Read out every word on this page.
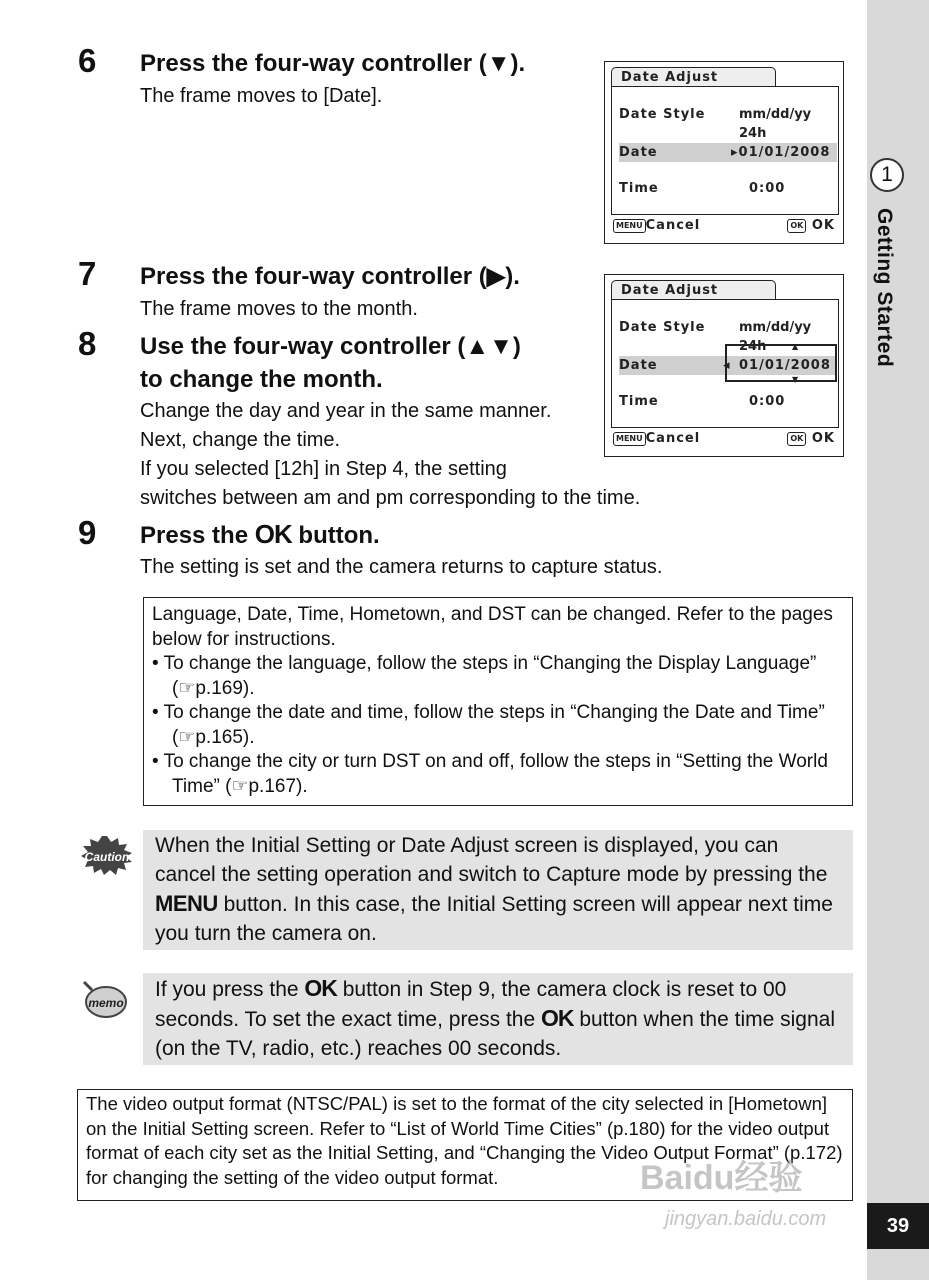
1
Getting Started
39
6 Press the four-way controller (▼).
The frame moves to [Date].
Date Adjust
Date Style	mm/dd/yy 24h
Date	▸01/01/2008
Time	0:00
MENU Cancel	OK OK
7 Press the four-way controller (▶).
The frame moves to the month.
Date Adjust
Date Style	mm/dd/yy 24h
Date	◂ 01/01/2008
Time	0:00
▲
▼
MENU Cancel	OK OK
8 Use the four-way controller (▲▼)
to change the month.
Change the day and year in the same manner.
Next, change the time.
If you selected [12h] in Step 4, the setting
switches between am and pm corresponding to the time.
9 Press the OK button.
The setting is set and the camera returns to capture status.
Language, Date, Time, Hometown, and DST can be changed. Refer to the pages below for instructions.
• To change the language, follow the steps in “Changing the Display Language” (☞p.169).
• To change the date and time, follow the steps in “Changing the Date and Time” (☞p.165).
• To change the city or turn DST on and off, follow the steps in “Setting the World Time” (☞p.167).
Caution	When the Initial Setting or Date Adjust screen is displayed, you can cancel the setting operation and switch to Capture mode by pressing the MENU button. In this case, the Initial Setting screen will appear next time you turn the camera on.
memo
If you press the OK button in Step 9, the camera clock is reset to 00 seconds. To set the exact time, press the OK button when the time signal (on the TV, radio, etc.) reaches 00 seconds.
The video output format (NTSC/PAL) is set to the format of the city selected in [Hometown] on the Initial Setting screen. Refer to “List of World Time Cities” (p.180) for the video output format of each city set as the Initial Setting, and “Changing the Video Output Format” (p.172) for changing the setting of the video output format.	Baidu经验
jingyan.baidu.com
